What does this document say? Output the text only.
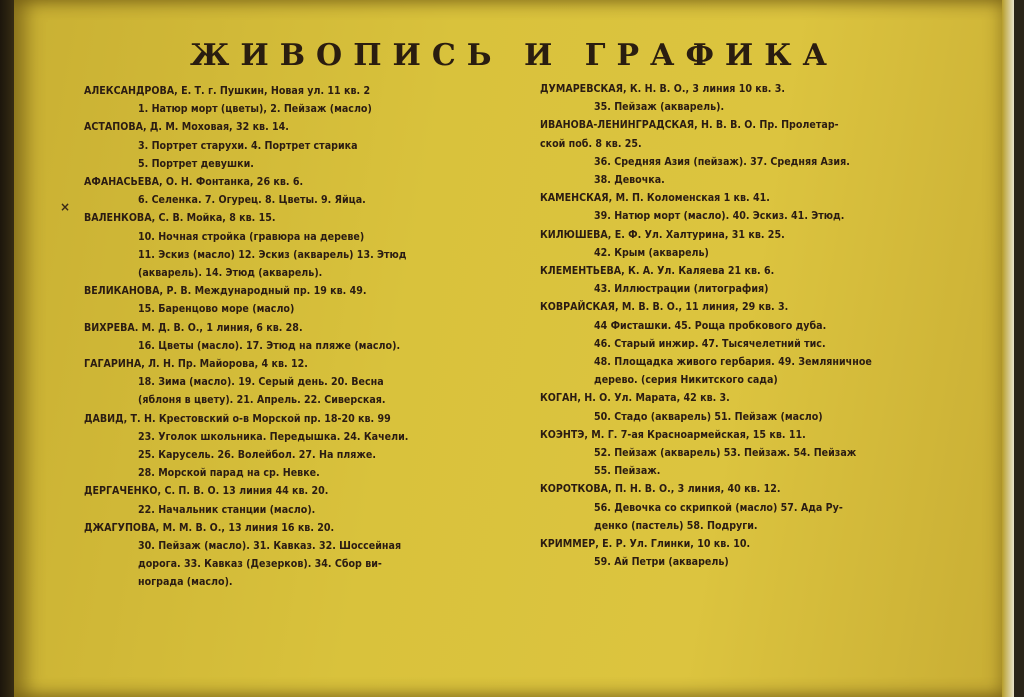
ЖИВОПИСЬ И ГРАФИКА
×
АЛЕКСАНДРОВА, Е. Т. г. Пушкин, Новая ул. 11 кв. 2
1. Натюр морт (цветы), 2. Пейзаж (масло)
АСТАПОВА, Д. М. Моховая, 32 кв. 14.
3. Портрет старухи. 4. Портрет старика
5. Портрет девушки.
АФАНАСЬЕВА, О. Н. Фонтанка, 26 кв. 6.
6. Селенка. 7. Огурец. 8. Цветы. 9. Яйца.
ВАЛЕНКОВА, С. В. Мойка, 8 кв. 15.
10. Ночная стройка (гравюра на дереве)
11. Эскиз (масло) 12. Эскиз (акварель) 13. Этюд
(акварель). 14. Этюд (акварель).
ВЕЛИКАНОВА, Р. В. Международный пр. 19 кв. 49.
15. Баренцово море (масло)
ВИХРЕВА. М. Д. В. О., 1 линия, 6 кв. 28.
16. Цветы (масло). 17. Этюд на пляже (масло).
ГАГАРИНА, Л. Н. Пр. Майорова, 4 кв. 12.
18. Зима (масло). 19. Серый день. 20. Весна
(яблоня в цвету). 21. Апрель. 22. Сиверская.
ДАВИД, Т. Н. Крестовский о-в Морской пр. 18-20 кв. 99
23. Уголок школьника. Передышка. 24. Качели.
25. Карусель. 26. Волейбол. 27. На пляже.
28. Морской парад на ср. Невке.
ДЕРГАЧЕНКО, С. П. В. О. 13 линия 44 кв. 20.
22. Начальник станции (масло).
ДЖАГУПОВА, М. М. В. О., 13 линия 16 кв. 20.
30. Пейзаж (масло). 31. Кавказ. 32. Шоссейная
дорога. 33. Кавказ (Дезерков). 34. Сбор ви-
нограда (масло).
ДУМАРЕВСКАЯ, К. Н. В. О., 3 линия 10 кв. 3.
35. Пейзаж (акварель).
ИВАНОВА-ЛЕНИНГРАДСКАЯ, Н. В. В. О. Пр. Пролетар-
ской поб. 8 кв. 25.
36. Средняя Азия (пейзаж). 37. Средняя Азия.
38. Девочка.
КАМЕНСКАЯ, М. П. Коломенская 1 кв. 41.
39. Натюр морт (масло). 40. Эскиз. 41. Этюд.
КИЛЮШЕВА, Е. Ф. Ул. Халтурина, 31 кв. 25.
42. Крым (акварель)
КЛЕМЕНТЬЕВА, К. А. Ул. Каляева 21 кв. 6.
43. Иллюстрации (литография)
КОВРАЙСКАЯ, М. В. В. О., 11 линия, 29 кв. 3.
44 Фисташки. 45. Роща пробкового дуба.
46. Старый инжир. 47. Тысячелетний тис.
48. Площадка живого гербария. 49. Земляничное
дерево. (серия Никитского сада)
КОГАН, Н. О. Ул. Марата, 42 кв. 3.
50. Стадо (акварель) 51. Пейзаж (масло)
КОЭНТЭ, М. Г. 7-ая Красноармейская, 15 кв. 11.
52. Пейзаж (акварель) 53. Пейзаж. 54. Пейзаж
55. Пейзаж.
КОРОТКОВА, П. Н. В. О., 3 линия, 40 кв. 12.
56. Девочка со скрипкой (масло) 57. Ада Ру-
денко (пастель) 58. Подруги.
КРИММЕР, Е. Р. Ул. Глинки, 10 кв. 10.
59. Ай Петри (акварель)
